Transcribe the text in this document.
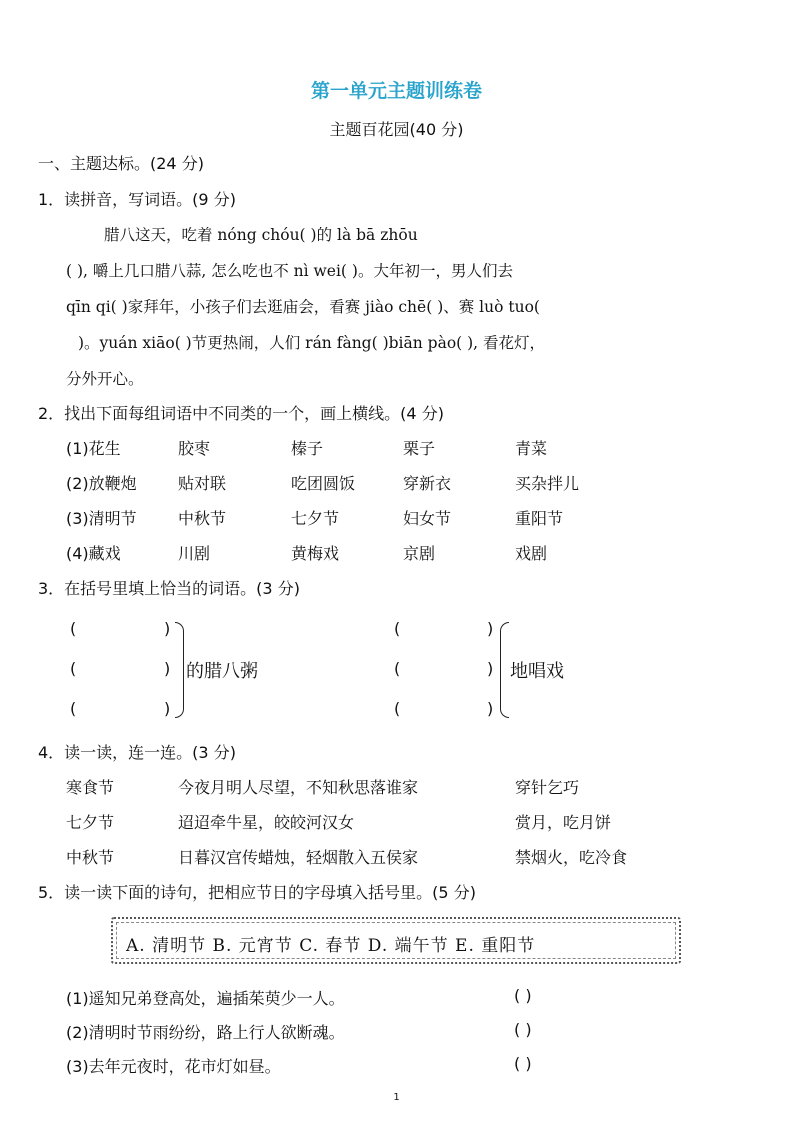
第一单元主题训练卷
主题百花园(40 分)
一、主题达标。(24 分)
1．读拼音，写词语。(9 分)
腊八这天，吃着 nóng chóu( )的 là bā zhōu
( ), 嚼上几口腊八蒜, 怎么吃也不 nì wei( )。大年初一，男人们去
qīn qi( )家拜年，小孩子们去逛庙会，看赛 jiào chē( )、赛 luò tuo(
)。yuán xiāo( )节更热闹，人们 rán fàng( )biān pào( ), 看花灯，
分外开心。
2．找出下面每组词语中不同类的一个，画上横线。(4 分)
(1)花生	胶枣	榛子	栗子	青菜
(2)放鞭炮	贴对联	吃团圆饭	穿新衣	买杂拌儿
(3)清明节	中秋节	七夕节	妇女节	重阳节
(4)藏戏	川剧	黄梅戏	京剧	戏剧
3．在括号里填上恰当的词语。(3 分)
(	)
(	)
(	)
的腊八粥
(	)
(	)
(	)
地唱戏
4．读一读，连一连。(3 分)
寒食节	今夜月明人尽望，不知秋思落谁家	穿针乞巧
七夕节	迢迢牵牛星，皎皎河汉女	赏月，吃月饼
中秋节	日暮汉宫传蜡烛，轻烟散入五侯家	禁烟火，吃冷食
5．读一读下面的诗句，把相应节日的字母填入括号里。(5 分)
A. 清明节 B. 元宵节 C. 春节 D. 端午节 E. 重阳节
(1)遥知兄弟登高处，遍插茱萸少一人。	( )
(2)清明时节雨纷纷，路上行人欲断魂。	( )
(3)去年元夜时，花市灯如昼。	( )
1
